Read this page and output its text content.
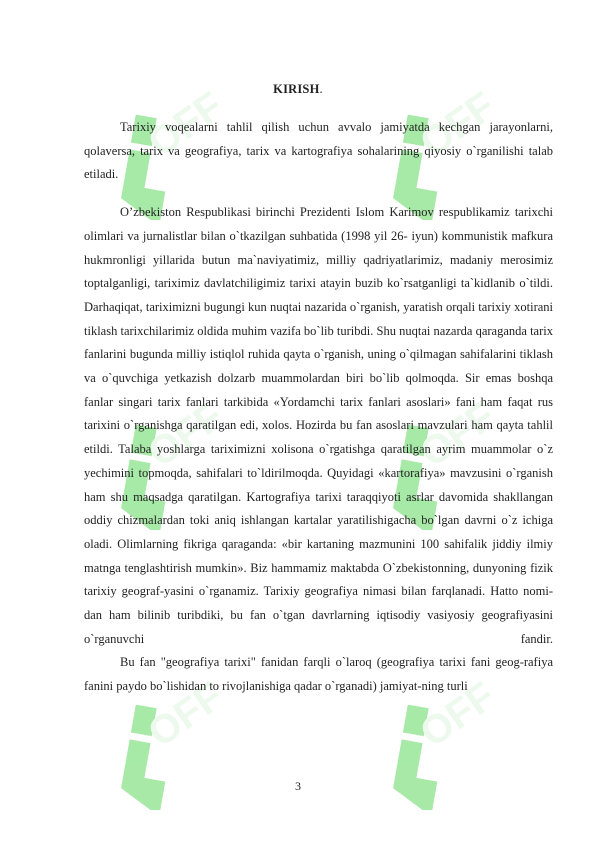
OFF	OFF
OFF	OFF
OFF	OFF
KIRISH.

Tarixiy voqealarni tahlil qilish uchun avvalo jamiyatda kechgan jarayonlarni, qolaversa, tarix va geografiya, tarix va kartografiya sohalarining qiyosiy o`rganilishi talab etiladi.

O’zbekiston Respublikasi birinchi Prezidenti Islom Karimov respublikamiz tarixchi olimlari va jurnalistlar bilan o`tkazilgan suhbatida (1998 yil 26- iyun) kommunistik mafkura hukmronligi yillarida butun ma`naviyatimiz, milliy qadriyatlarimiz, madaniy merosimiz toptalganligi, tariximiz davlatchiligimiz tarixi atayin buzib ko`rsatganligi ta`kidlanib o`tildi. Darhaqiqat, tariximizni bugungi kun nuqtai nazarida o`rganish, yaratish orqali tarixiy xotirani tiklash tarixchilarimiz oldida muhim vazifa bo`lib turibdi. Shu nuqtai nazarda qaraganda tarix fanlarini bugunda milliy istiqlol ruhida qayta o`rganish, uning o`qilmagan sahifalarini tiklash va o`quvchiga yetkazish dolzarb muammolardan biri bo`lib qolmoqda. Sir emas boshqa fanlar singari tarix fanlari tarkibida «Yordamchi tarix fanlari asoslari» fani ham faqat rus tarixini o`rganishga qaratilgan edi, xolos. Hozirda bu fan asoslari mavzulari ham qayta tahlil etildi. Talaba yoshlarga tariximizni xolisona o`rgatishga qaratilgan ayrim muammolar o`z yechimini topmoqda, sahifalari to`ldirilmoqda. Quyidagi «kartorafiya» mavzusini o`rganish ham shu maqsadga qaratilgan. Kartografiya tarixi taraqqiyoti asrlar davomida shakllangan oddiy chizmalardan toki aniq ishlangan kartalar yaratilishigacha bo`lgan davrni o`z ichiga oladi. Olimlarning fikriga qaraganda: «bir kartaning mazmunini 100 sahifalik jiddiy ilmiy matnga tenglashtirish mumkin». Biz hammamiz maktabda O`zbekistonning, dunyoning fizik tarixiy geograf-yasini o`rganamiz. Tarixiy geografiya nimasi bilan farqlanadi. Hatto nomi-dan ham bilinib turibdiki, bu fan o`tgan davrlarning iqtisodiy vasiyosiy geografiyasini o`rganuvchi fandir.

Bu fan "geografiya tarixi" fanidan farqli o`laroq (geografiya tarixi fani geog-rafiya fanini paydo bo`lishidan to rivojlanishiga qadar o`rganadi) jamiyat-ning turli

3
